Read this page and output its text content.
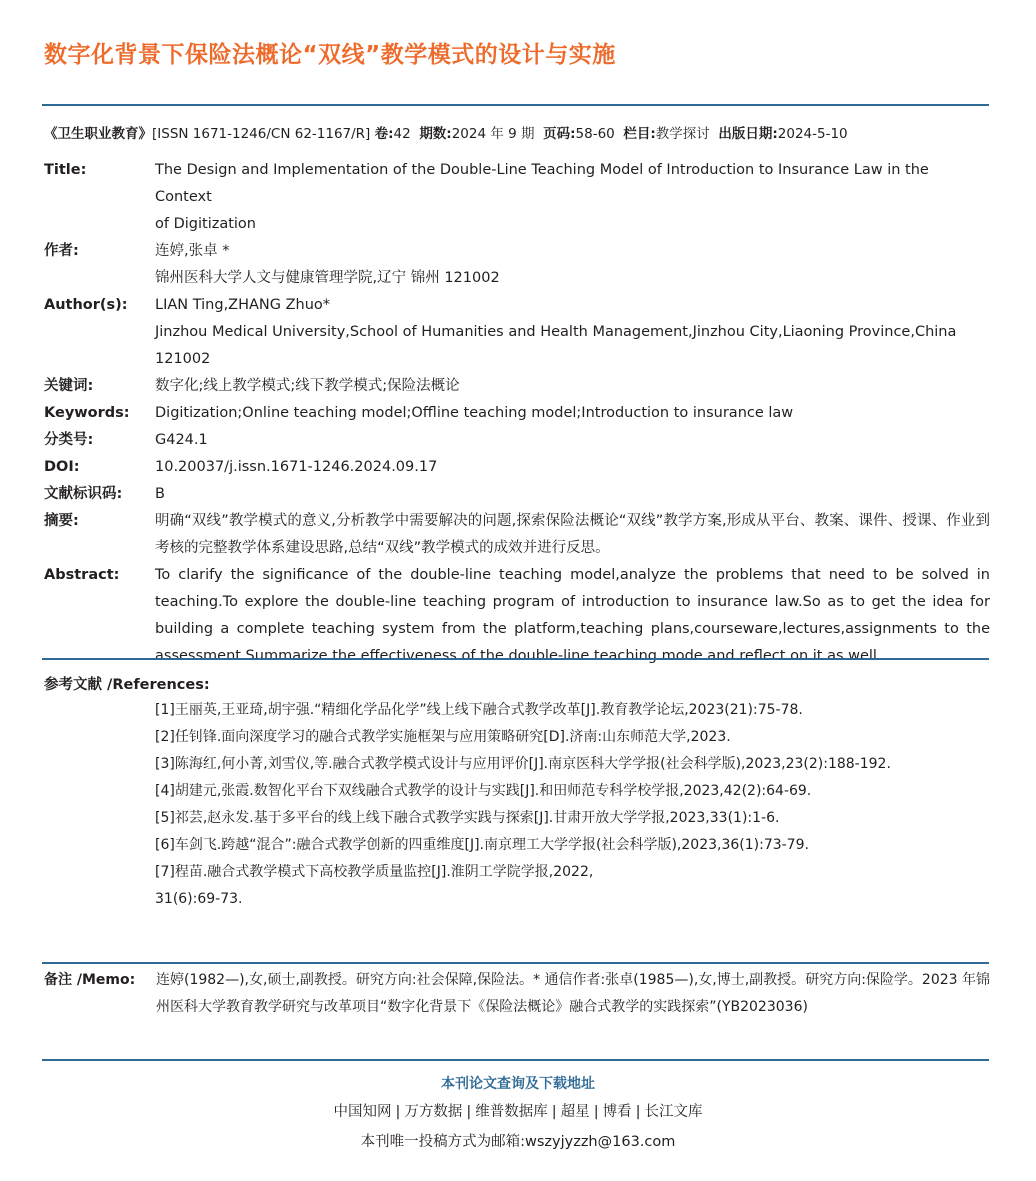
数字化背景下保险法概论“双线”教学模式的设计与实施
《卫生职业教育》[ISSN 1671-1246/CN 62-1167/R] 卷:42 期数:2024 年 9 期 页码:58-60 栏目:教学探讨 出版日期:2024-5-10
Title:	The Design and Implementation of the Double-Line Teaching Model of Introduction to Insurance Law in the Context
of Digitization
作者:	连婷,张卓 *
锦州医科大学人文与健康管理学院,辽宁 锦州 121002
Author(s):	LIAN Ting,ZHANG Zhuo*
Jinzhou Medical University,School of Humanities and Health Management,Jinzhou City,Liaoning Province,China
121002
关键词:	数字化;线上教学模式;线下教学模式;保险法概论
Keywords:	Digitization;Online teaching model;Offline teaching model;Introduction to insurance law
分类号:	G424.1
DOI:	10.20037/j.issn.1671-1246.2024.09.17
文献标识码:	B
摘要:	明确“双线”教学模式的意义,分析教学中需要解决的问题,探索保险法概论“双线”教学方案,形成从平台、教案、课件、授课、作业到考核的完整教学体系建设思路,总结“双线”教学模式的成效并进行反思。
Abstract:	To clarify the significance of the double-line teaching model,analyze the problems that need to be solved in teaching.To explore the double-line teaching program of introduction to insurance law.So as to get the idea for building a complete teaching system from the platform,teaching plans,courseware,lectures,assignments to the assessment.Summarize the effectiveness of the double-line teaching mode and reflect on it as well.
参考文献 /References:
[1]王丽英,王亚琦,胡宇强.“精细化学品化学”线上线下融合式教学改革[J].教育教学论坛,2023(21):75-78.
[2]任钊锋.面向深度学习的融合式教学实施框架与应用策略研究[D].济南:山东师范大学,2023.
[3]陈海红,何小菁,刘雪仪,等.融合式教学模式设计与应用评价[J].南京医科大学学报(社会科学版),2023,23(2):188-192.
[4]胡建元,张霞.数智化平台下双线融合式教学的设计与实践[J].和田师范专科学校学报,2023,42(2):64-69.
[5]祁芸,赵永发.基于多平台的线上线下融合式教学实践与探索[J].甘肃开放大学学报,2023,33(1):1-6.
[6]车剑飞.跨越“混合”:融合式教学创新的四重维度[J].南京理工大学学报(社会科学版),2023,36(1):73-79.
[7]程苗.融合式教学模式下高校教学质量监控[J].淮阴工学院学报,2022,
31(6):69-73.
备注 /Memo:	连婷(1982—),女,硕士,副教授。研究方向:社会保障,保险法。* 通信作者:张卓(1985—),女,博士,副教授。研究方向:保险学。2023 年锦州医科大学教育教学研究与改革项目“数字化背景下《保险法概论》融合式教学的实践探索”(YB2023036)
本刊论文查询及下载地址
中国知网 | 万方数据 | 维普数据库 | 超星 | 博看 | 长江文库
本刊唯一投稿方式为邮箱:wszyjyzzh@163.com
